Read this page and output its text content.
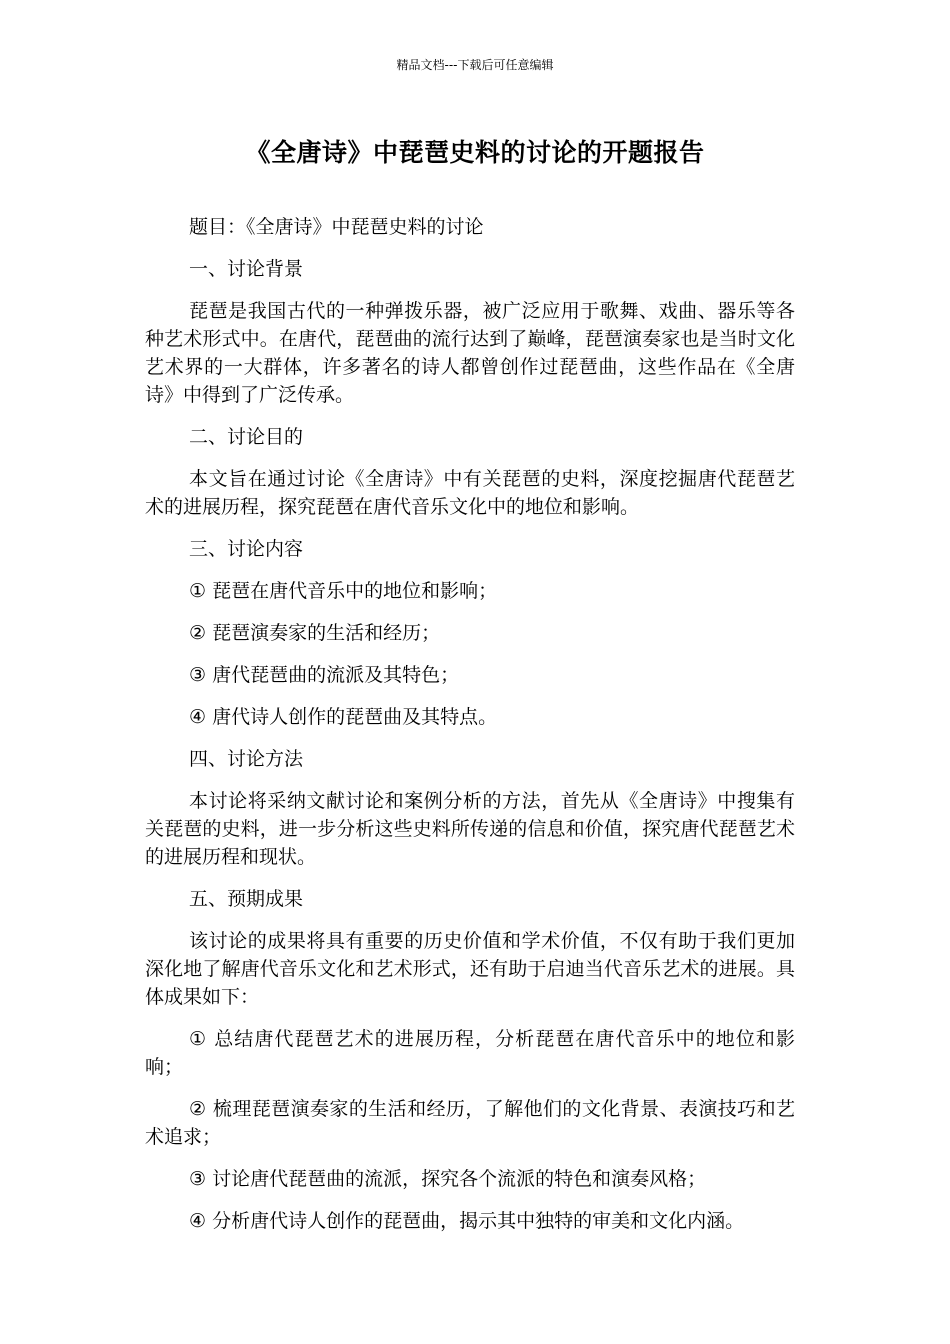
精品文档---下载后可任意编辑
《全唐诗》中琵琶史料的讨论的开题报告

题目：《全唐诗》中琵琶史料的讨论

一、讨论背景

琵琶是我国古代的一种弹拨乐器，被广泛应用于歌舞、戏曲、器乐等各种艺术形式中。在唐代，琵琶曲的流行达到了巅峰，琵琶演奏家也是当时文化艺术界的一大群体，许多著名的诗人都曾创作过琵琶曲，这些作品在《全唐诗》中得到了广泛传承。

二、讨论目的

本文旨在通过讨论《全唐诗》中有关琵琶的史料，深度挖掘唐代琵琶艺术的进展历程，探究琵琶在唐代音乐文化中的地位和影响。

三、讨论内容

① 琵琶在唐代音乐中的地位和影响；

② 琵琶演奏家的生活和经历；

③ 唐代琵琶曲的流派及其特色；

④ 唐代诗人创作的琵琶曲及其特点。

四、讨论方法

本讨论将采纳文献讨论和案例分析的方法，首先从《全唐诗》中搜集有关琵琶的史料，进一步分析这些史料所传递的信息和价值，探究唐代琵琶艺术的进展历程和现状。

五、预期成果

该讨论的成果将具有重要的历史价值和学术价值，不仅有助于我们更加深化地了解唐代音乐文化和艺术形式，还有助于启迪当代音乐艺术的进展。具体成果如下：

① 总结唐代琵琶艺术的进展历程，分析琵琶在唐代音乐中的地位和影响；

② 梳理琵琶演奏家的生活和经历，了解他们的文化背景、表演技巧和艺术追求；

③ 讨论唐代琵琶曲的流派，探究各个流派的特色和演奏风格；

④ 分析唐代诗人创作的琵琶曲，揭示其中独特的审美和文化内涵。
